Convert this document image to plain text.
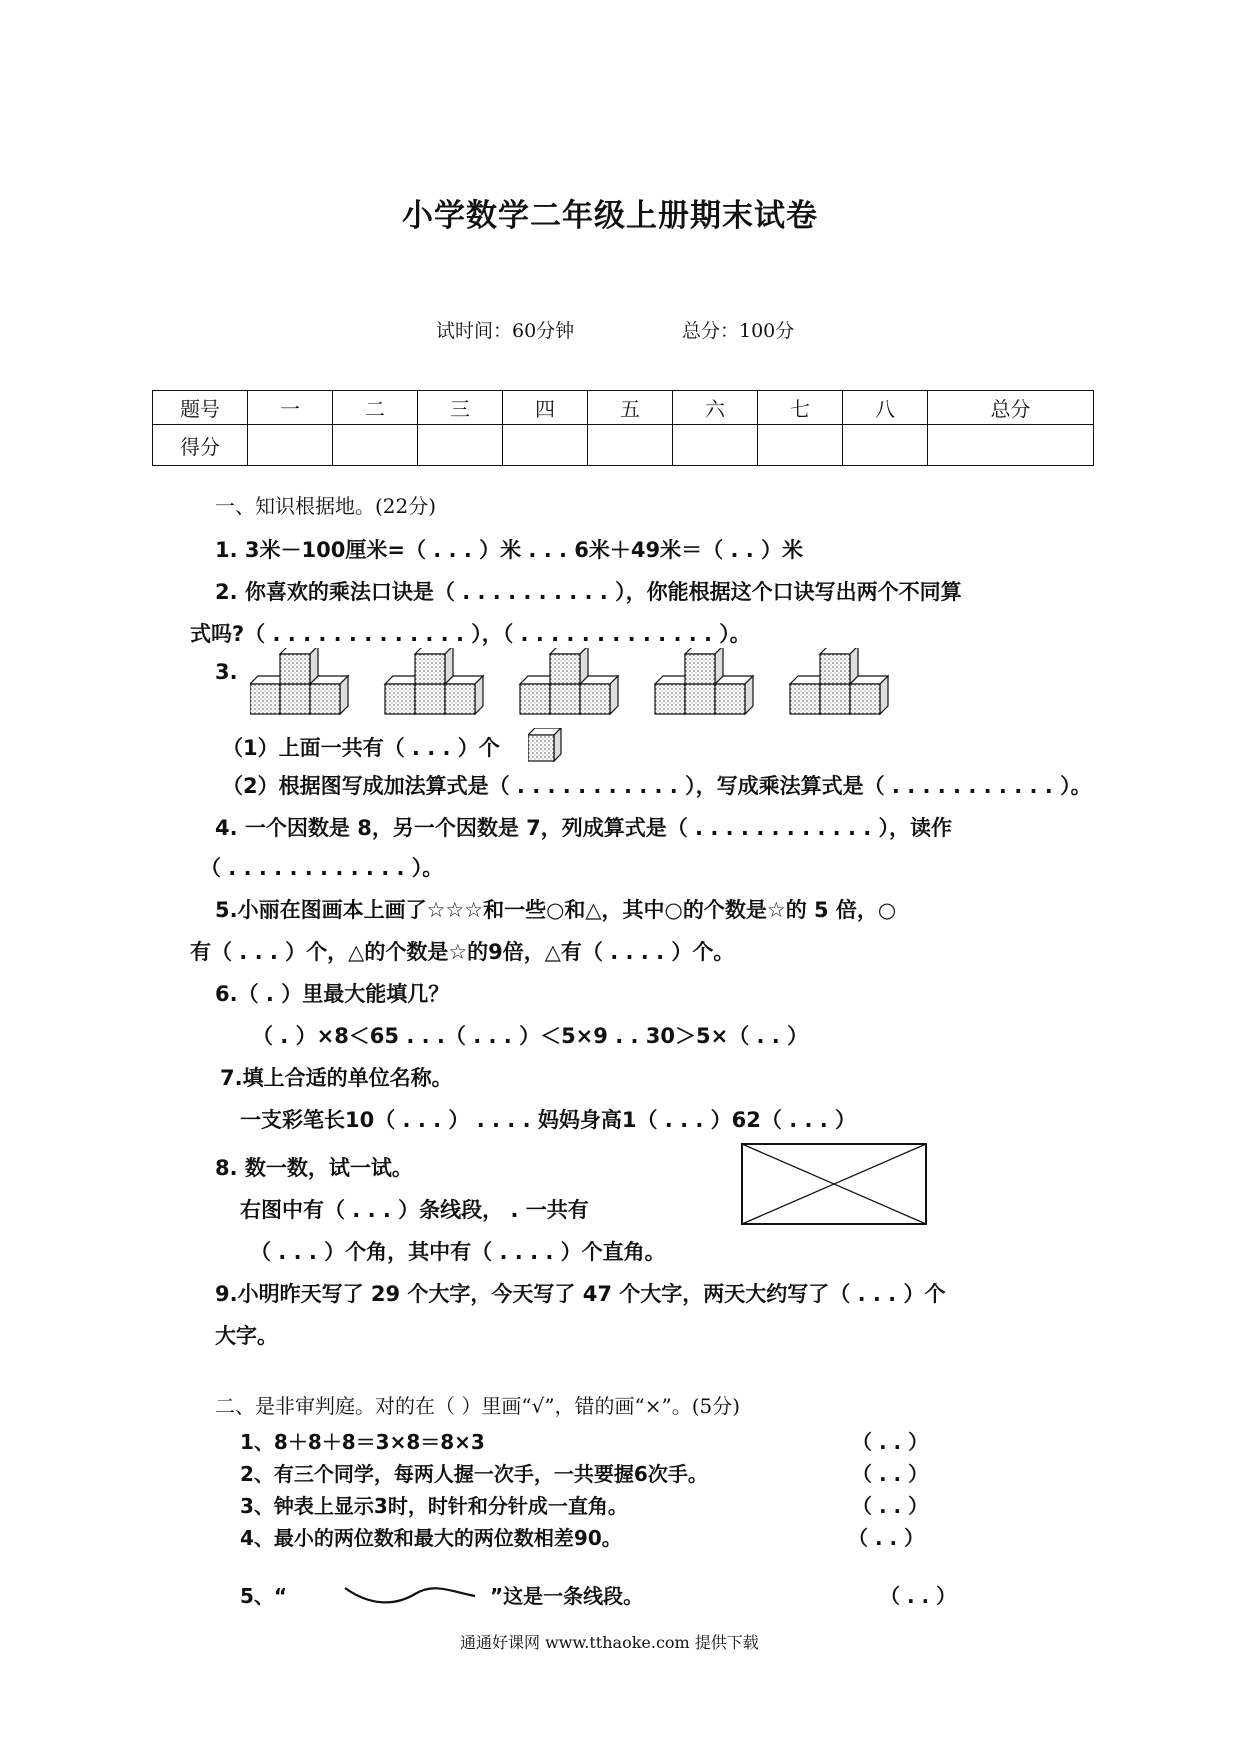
小学数学二年级上册期末试卷
试时间：60分钟	总分：100分
题号	一	二	三	四	五	六	七	八	总分
得分									
一、知识根据地。(22分)
1. 3米－100厘米=（ . . . ）米 . . . 6米＋49米＝（ . . ）米
2. 你喜欢的乘法口诀是（ . . . . . . . . . . ），你能根据这个口诀写出两个不同算
式吗?（ . . . . . . . . . . . . . ），（ . . . . . . . . . . . . . ）。
3.
（1）上面一共有（ . . . ）个
（2）根据图写成加法算式是（ . . . . . . . . . . . ），写成乘法算式是（ . . . . . . . . . . . ）。
4. 一个因数是 8，另一个因数是 7，列成算式是（ . . . . . . . . . . . . ），读作
（ . . . . . . . . . . . . ）。
5.小丽在图画本上画了☆☆☆和一些○和△，其中○的个数是☆的 5 倍，○
有（ . . . ）个，△的个数是☆的9倍，△有（ . . . . ）个。
6.（ . ）里最大能填几？
（ . ）×8＜65 . . .（ . . . ）＜5×9 . . 30＞5×（ . . ）
7.填上合适的单位名称。
一支彩笔长10（ . . . ） . . . . 妈妈身高1（ . . . ）62（ . . . ）
8. 数一数，试一试。
右图中有（ . . . ）条线段， . 一共有
（ . . . ）个角，其中有（ . . . . ）个直角。
9.小明昨天写了 29 个大字，今天写了 47 个大字，两天大约写了（ . . . ）个
大字。
二、是非审判庭。对的在（ ）里画“√”，错的画“×”。(5分)
1、8＋8＋8＝3×8＝8×3	（ . . ）
2、有三个同学，每两人握一次手，一共要握6次手。	（ . . ）
3、钟表上显示3时，时针和分针成一直角。	（ . . ）
4、最小的两位数和最大的两位数相差90。	（ . . ）
5、“	”这是一条线段。	（ . . ）
通通好课网 www.tthaoke.com 提供下载
